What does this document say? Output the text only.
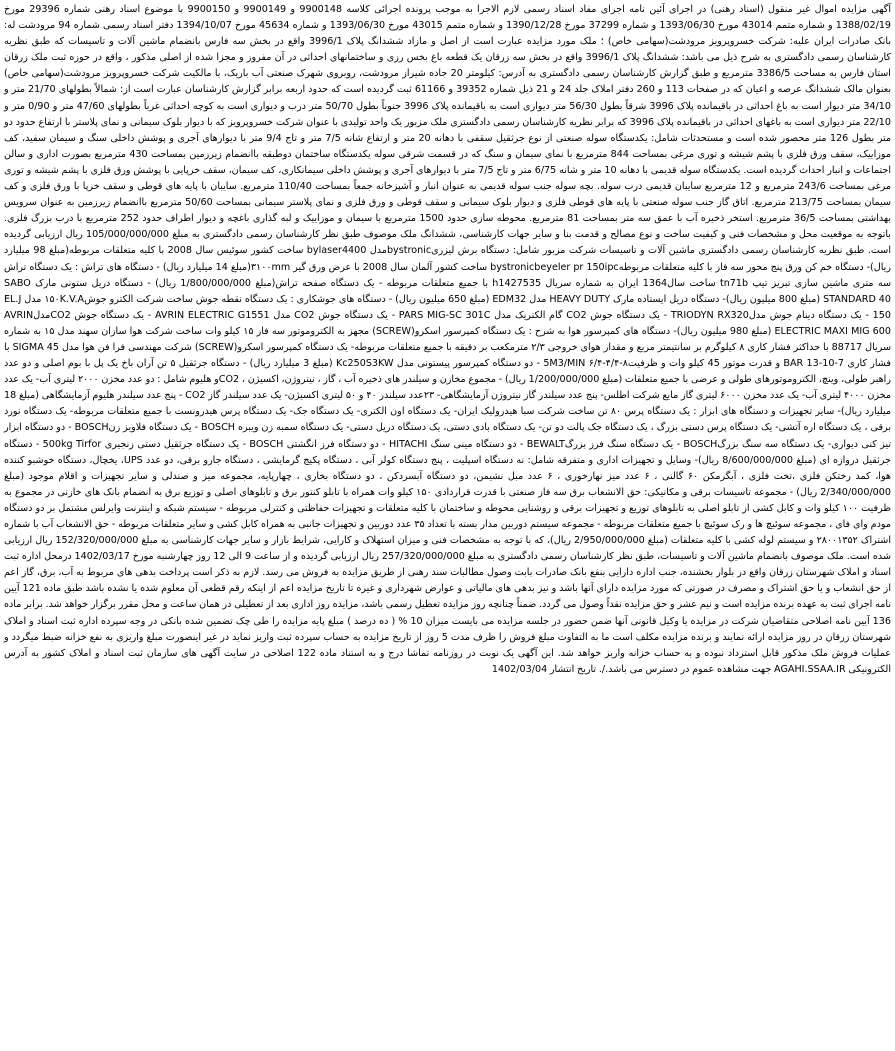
آگهی مزایده اموال غیر منقول (اسناد رهنی) در اجرای آئین نامه اجرای مفاد اسناد رسمی لازم الاجرا به موجب پرونده اجرائی کلاسه 9900148 و 9900149 و 9900150 با موضوع اسناد رهنی شماره 29396 مورخ 1388/02/19 و شماره متمم 43014 مورخ 1393/06/30 و شماره 37299 مورخ 1390/12/28 و شماره متمم 43015 مورخ 1393/06/30 و شماره 45634 مورخ 1394/10/07 دفتر اسناد رسمی شماره 94 مرودشت له: بانک صادرات ایران علیه: شرکت خسروپرویز مرودشت(سهامی خاص) ؛ ملک مورد مزایده عبارت است از اصل و مازاد ششدانگ پلاک 3996/1 واقع در بخش سه فارس بانضمام ماشین آلات و تاسیسات که طبق نظریه کارشناسان رسمی دادگستری به شرح ذیل می باشد: ششدانگ پلاک 3996/1 واقع در بخش سه زرقان یک قطعه باغ بخس رزی و ساختمانهای احداثی در آن مفروز و مجزا شده از اصلی مذکور ، واقع در حوزه ثبت ملک زرقان استان فارس به مساحت 3386/5 مترمربع و طبق گزارش کارشناسان رسمی دادگستری به آدرس: کیلومتر 20 جاده شیراز مرودشت، روبروی شهرک صنعتی آب باریک، با مالکیت شرکت خسروپرویز مرودشت(سهامی خاص) بعنوان مالک ششدانگ عرصه و اعیان که در صفحات 113 و 260 دفتر املاک جلد 24 و 21 ذیل شماره 39352 و 61166 ثبت گردیده است که حدود اربعه برابر گزارش کارشناسان عبارت است از: شمالاً بطولهای 21/70 متر و 34/10 متر دیوار است به باغ احداثی در باقیمانده پلاک 3996 شرقاً بطول 56/30 متر دیواری است به باقیمانده پلاک 3996 جنوباً بطول 50/70 متر درب و دیواری است به کوچه احداثی غرباً بطولهای 47/60 متر و 0/90 متر و 22/10 متر دیواری است به باغهای احداثی در باقیمانده پلاک 3996 که برابر نظریه کارشناسان رسمی دادگستری ملک مزبور یک واحد تولیدی با عنوان شرکت خسروپرویز که با دیوار بلوک سیمانی و نمای پلاستر با ارتفاع حدود دو متر بطول 126 متر محصور شده است و مستحدثات شامل: یکدستگاه سوله صنعتی از نوع جرثقیل سقفی با دهانه 20 متر و ارتفاع شانه 7/5 متر و تاج 9/4 متر با دیوارهای آجری و پوشش داخلی سنگ و سیمان سفید، کف موزاییک، سقف ورق فلزی با پشم شیشه و توری مرغی بمساحت 844 مترمربع با نمای سیمان و سنگ که در قسمت شرقی سوله یکدستگاه ساختمان دوطبقه باانضمام زیرزمین بمساحت 430 مترمربع بصورت اداری و سالن اجتماعات و انبار احداث گردیده است. یکدستگاه سوله قدیمی با دهانه 10 متر و شانه 6/75 متر و تاج 7/5 متر با دیوارهای آجری و پوشش داخلی سیمانکاری، کف سیمان، سقف خرپایی با پوشش ورق فلزی با پشم شیشه و توری مرغی بمساحت 243/6 مترمربع و 12 مترمربع سایبان قدیمی درب سوله. بچه سوله جنب سوله قدیمی به عنوان انبار و آشپزخانه جمعاً بمساحت 110/40 مترمربع. سایبان با پایه های قوطی و سقف خرپا با ورق فلزی و کف سیمان بمساحت 213/75 مترمربع. اتاق گاز جنب سوله صنعتی با پایه های قوطی فلزی و دیوار بلوک سیمانی و سقف قوطی و ورق فلزی و نمای پلاستر سیمانی بمساحت 50/60 مترمربع باانضمام زیرزمین به عنوان سرویس بهداشتی بمساحت 36/5 مترمربع. استخر ذخیره آب با عمق سه متر بمساحت 81 مترمربع. محوطه سازی حدود 1500 مترمربع با سیمان و موزاییک و لبه گذاری باغچه و دیوار اطراف حدود 252 مترمربع با درب بزرگ فلزی. باتوجه به موقعیت محل و مشخصات فنی و کیفیت ساخت و نوع مصالح و قدمت بنا و سایر جهات کارشناسی، ششدانگ ملک موصوف طبق نظر کارشناسان رسمی دادگستری به مبلغ 105/000/000/000 ریال ارزیابی گردیده است. طبق نظریه کارشناسان رسمی دادگستری ماشین آلات و تاسیسات شرکت مزبور شامل: دستگاه برش لیزریbystronicمدل bylaser4400 ساخت کشور سوئیس سال 2008 با کلیه متعلقات مربوطه(مبلغ 98 میلیارد ریال)- دستگاه خم کن ورق پنج محور سه فاز با کلیه متعلقات مربوطهbystronicbeyeler pr 150ipc ساخت کشور آلمان سال 2008 با عرض ورق گیر ۳۱۰۰mm(مبلغ 14 میلیارد ریال) - دستگاه های تراش : یک دستگاه تراش سه متری ماشین سازی تبریز تیپ tn71b ساخت سال1364 ایران به شماره سریال h1427535 با جمیع متعلقات مربوطه - یک دستگاه صفحه تراش(مبلغ 1/800/000/000 ریال) - دستگاه دریل ستونی مارک SABO STANDARD 40 (مبلغ 800 میلیون ریال)- دستگاه دریل ایستاده مارک HEAVY DUTY مدل EDM32 (مبلغ 650 میلیون ریال) - دستگاه های جوشکاری : یک دستگاه نقطه جوش ساخت شرکت الکترو جوش۱۵۰K.V.A مدل EL.J 150 - یک دستگاه دینام جوش مدلTRIODYN RX320 - یک دستگاه جوش CO2 گام الکتریک مدل PARS MIG-SC 301C - یک دستگاه جوش CO2 مدل AVRIN ELECTRIC G1551 - یک دستگاه جوش CO2مدلAVRIN ELECTRIC MAXI MIG 600 (مبلغ 980 میلیون ریال)- دستگاه های کمپرسور هوا به شرح : یک دستگاه کمپرسور اسکرو(SCREW) مجهز به الکتروموتور سه فاز ۱۵ کیلو وات ساخت شرکت هوا سازان سهند مدل ۱۵ به شماره سریال 88717 با حداکثر فشار کاری ۸ کیلوگرم بر سانتیمتر مربع و مقدار هوای خروجی ۲/۳ مترمکعب بر دقیقه با جمیع متعلقات مربوطه- یک دستگاه کمپرسور اسکرو(SCREW) شرکت مهندسی فرا فن هوا مدل SIGMA 45 با فشار کاری BAR 13-10-7 و قدرت موتور 45 کیلو وات و ظرفیت۸-۴/۴-۶/۴ 5M3/MIN - دو دستگاه کمپرسور پیستونی مدل Kc250S3KW (مبلغ 3 میلیارد ریال) - دستگاه جرثقیل ۵ تن آران باخ یک پل با بوم اصلی و دو عدد راهبر طولی، وینچ، الکتروموتورهای طولی و عرضی با جمیع متعلقات (مبلغ 1/200/000/000 ریال) - مجموع مخازن و سیلندر های ذخیره آب ، گاز ، نیتروژن، اکسیژن ، CO2و هلیوم شامل : دو عدد مخزن ۲۰۰۰ لیتری آب- یک عدد مخزن ۴۰۰۰ لیتری آب- یک عدد مخزن ۶۰۰۰ لیتری گاز مایع شرکت اطلس- پنج عدد سیلندر گاز نیتروژن آزمایشگاهی- ۲۳عدد سیلندر ۴۰ و ۵۰ لیتری اکسیژن- یک عدد سیلندر گاز CO2 - پنج عدد سیلندر هلیوم آزمایشگاهی (مبلغ 18 میلیارد ریال)- سایر تجهیزات و دستگاه های ابزار : یک دستگاه پرس ۸۰ تن ساخت شرکت سبا هیدرولیک ایران- یک دستگاه اون الکتری- یک دستگاه جک- یک دستگاه پرس هیدرونست با جمیع متعلقات مربوطه- یک دستگاه نورد برقی ، یک دستگاه اره آتشی- یک دستگاه پرس دستی بزرگ ، یک دستگاه جک پالت دو تن- یک دستگاه بادی دستی، یک دستگاه دریل دستی- یک دستگاه سمبه زن ویبره BOSCH - یک دستگاه فلاویز زنBOSCH - دو دستگاه ابزار تیز کنی دیواری- یک دستگاه سه سنگ بزرگBOSCH - یک دستگاه سنگ فرز بزرگBEWALT - دو دستگاه مینی سنگ HITACHI - دو دستگاه فرز انگشتی BOSCH - یک دستگاه جرثقیل دستی زنجیری 500kg Tirfor - دستگاه جرثقیل دروازه ای (مبلغ 8/600/000/000 ریال)- وسایل و تجهیزات اداری و متفرقه شامل: نه دستگاه اسپلیت ، پنج دستگاه کولر آبی ، دستگاه پکیج گرمایشی ، دستگاه جارو برقی، دو عدد UPS، یخچال، دستگاه خوشبو کننده هوا، کمد رختکن فلزی ،تخت فلزی ، آبگرمکن ۶۰ گالنی ، ۶ عدد میز نهارخوری ، ۶ عدد مبل نشیمن، دو دستگاه آبسردکن ، دو دستگاه بخاری ، چهارپایه، مجموعه میز و صندلی و سایر تجهیزات و اقلام موجود (مبلغ 2/340/000/000 ریال) - مجموعه تاسیسات برقی و مکانیکی: حق الانشعاب برق سه فاز صنعتی با قدرت قراردادی ۱۵۰ کیلو وات همراه با تابلو کنتور برق و تابلوهای اصلی و توزیع برق به انضمام بانک های خازنی در مجموع به ظرفیت ۱۰۰ کیلو وات و کابل کشی از تابلو اصلی به تابلوهای توزیع و تجهیزات برقی و روشنایی محوطه و ساختمان با کلیه متعلقات و تجهیزات حفاظتی و کنترلی مربوطه - سیستم شبکه و اینترنت وایرلس مشتمل بر دو دستگاه مودم وای فای ، مجموعه سوئیچ ها و رک سوئیچ با جمیع متعلقات مربوطه - مجموعه سیستم دوربین مدار بسته با تعداد ۳۵ عدد دوربین و تجهیزات جانبی به همراه کابل کشی و سایر متعلقات مربوطه - حق الانشعاب آب با شماره اشتراک ۲۸۰۰۱۳۵۲ و سیستم لوله کشی با کلیه متعلقات (مبلغ 2/950/000/000 ریال)، که با توجه به مشخصات فنی و میزان استهلاک و کارایی، شرایط بازار و سایر جهات کارشناسی به مبلغ 152/320/000/000 ریال ارزیابی شده است. ملک موصوف بانضمام ماشین آلات و تاسیسات، طبق نظر کارشناسان رسمی دادگستری به مبلغ 257/320/000/000 ریال ارزیابی گردیده و از ساعت 9 الی 12 روز چهارشنبه مورخ 1402/03/17 درمحل اداره ثبت اسناد و املاک شهرستان زرقان واقع در بلوار بخشنده، جنب اداره دارایی بنفع بانک صادرات بابت وصول مطالبات سند رهنی از طریق مزایده به فروش می رسد. لازم به ذکر است پرداخت بدهی های مربوط به آب، برق، گاز اعم از حق انشعاب و یا حق اشتراک و مصرف در صورتی که مورد مزایده دارای آنها باشد و نیز بدهی های مالیاتی و عوارض شهرداری و غیره تا تاریخ مزایده اعم از اینکه رقم قطعی آن معلوم شده یا نشده باشد طبق ماده 121 آیین نامه اجرای ثبت به عهده برنده مزایده است و نیم عشر و حق مزایده نقداً وصول می گردد. ضمناً چنانچه روز مزایده تعطیل رسمی باشد، مزایده روز اداری بعد از تعطیلی در همان ساعت و محل مقرر برگزار خواهد شد. برابر ماده 136 آیین نامه اصلاحی متقاضیان شرکت در مزایده یا وکیل قانونی آنها ضمن حضور در جلسه مزایده می بایست میزان 10 % ( ده درصد ) مبلغ پایه مزایده را طی چک تضمین شده بانکی در وجه سپرده اداره ثبت اسناد و املاک شهرستان زرقان در روز مزایده ارائه نمایند و برنده مزایده مکلف است ما به التفاوت مبلغ فروش را ظرف مدت 5 روز از تاریخ مزایده به حساب سپرده ثبت واریز نماید در غیر اینصورت مبلغ واریزی به نفع خزانه ضبط میگردد و عملیات فروش ملک مذکور قابل استرداد نبوده و به حساب خزانه واریز خواهد شد. این آگهی یک نوبت در روزنامه تماشا درج و به استناد ماده 122 اصلاحی در سایت آگهی های سازمان ثبت اسناد و املاک کشور به آدرس الکترونیکی AGAHI.SSAA.IR جهت مشاهده عموم در دسترس می باشد./. تاریخ انتشار 1402/03/04
